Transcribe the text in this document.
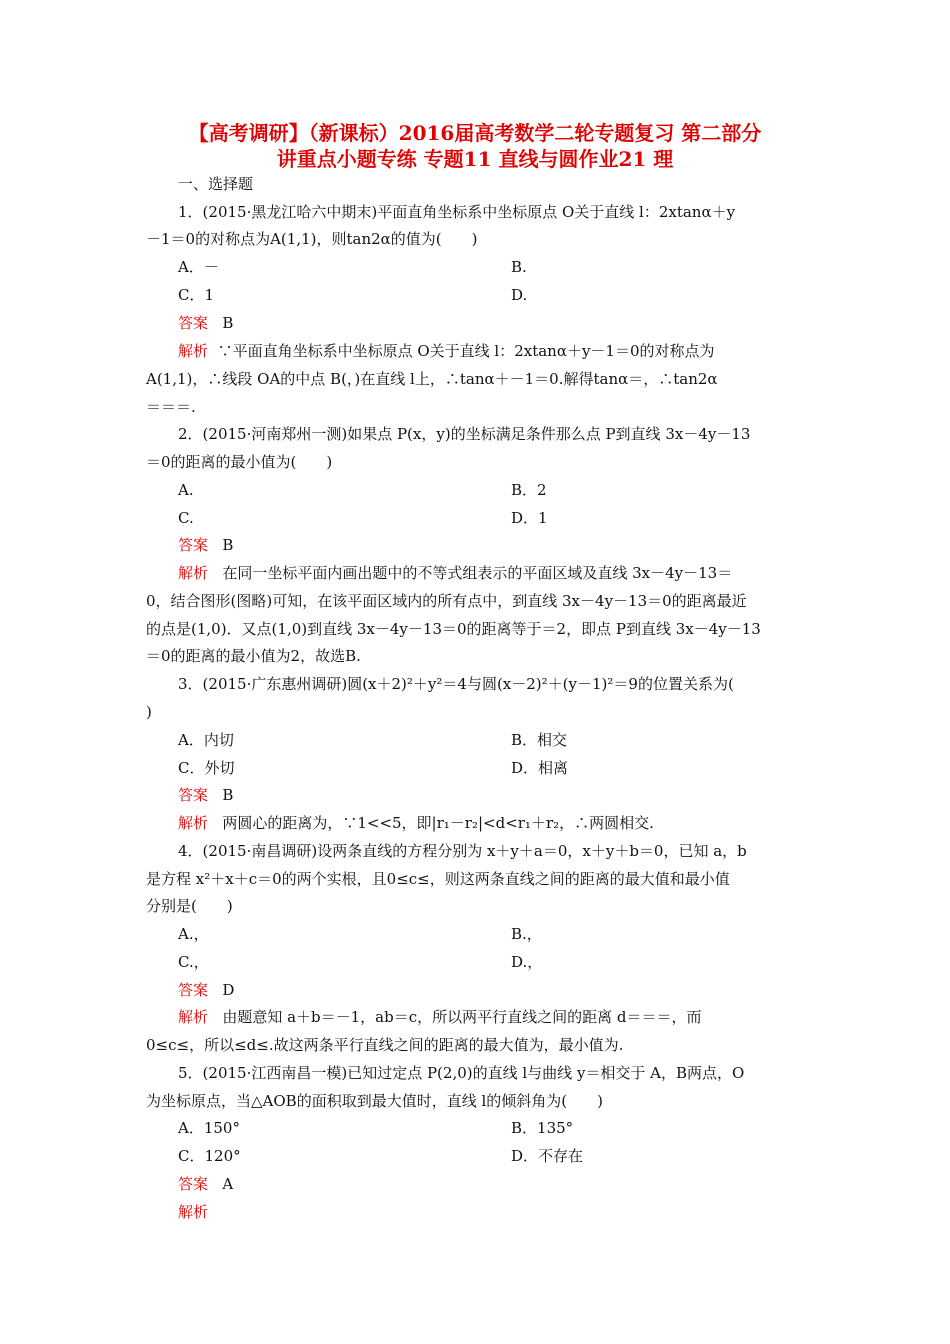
【高考调研】（新课标）2016届高考数学二轮专题复习 第二部分
讲重点小题专练 专题11 直线与圆作业21 理
一、选择题
1．(2015·黑龙江哈六中期末)平面直角坐标系中坐标原点 O关于直线 l：2xtanα＋y
－1＝0的对称点为A(1,1)，则tan2α的值为(　　)
A．－	B.
C．1	D.
答案 B
解析 ∵平面直角坐标系中坐标原点 O关于直线 l：2xtanα＋y－1＝0的对称点为
A(1,1)，∴线段 OA的中点 B(，)在直线 l上，∴tanα＋－1＝0.解得tanα＝，∴tan2α
＝＝＝.
2．(2015·河南郑州一测)如果点 P(x，y)的坐标满足条件那么点 P到直线 3x－4y－13
＝0的距离的最小值为(　　)
A.	B．2
C.	D．1
答案 B
解析 在同一坐标平面内画出题中的不等式组表示的平面区域及直线 3x－4y－13＝
0，结合图形(图略)可知，在该平面区域内的所有点中，到直线 3x－4y－13＝0的距离最近
的点是(1,0)．又点(1,0)到直线 3x－4y－13＝0的距离等于＝2，即点 P到直线 3x－4y－13
＝0的距离的最小值为2，故选B.
3．(2015·广东惠州调研)圆(x＋2)²＋y²＝4与圆(x－2)²＋(y－1)²＝9的位置关系为(
)
A．内切	B．相交
C．外切	D．相离
答案 B
解析 两圆心的距离为，∵1<<5，即|r₁－r₂|<d<r₁＋r₂，∴两圆相交.
4．(2015·南昌调研)设两条直线的方程分别为 x＋y＋a＝0，x＋y＋b＝0，已知 a，b
是方程 x²＋x＋c＝0的两个实根，且0≤c≤，则这两条直线之间的距离的最大值和最小值
分别是(　　)
A.，	B.，
C.，	D.，
答案 D
解析 由题意知 a＋b＝－1，ab＝c，所以两平行直线之间的距离 d＝＝＝，而
0≤c≤，所以≤d≤.故这两条平行直线之间的距离的最大值为，最小值为.
5．(2015·江西南昌一模)已知过定点 P(2,0)的直线 l与曲线 y＝相交于 A，B两点，O
为坐标原点，当△AOB的面积取到最大值时，直线 l的倾斜角为(　　)
A．150°	B．135°
C．120°	D．不存在
答案 A
解析
